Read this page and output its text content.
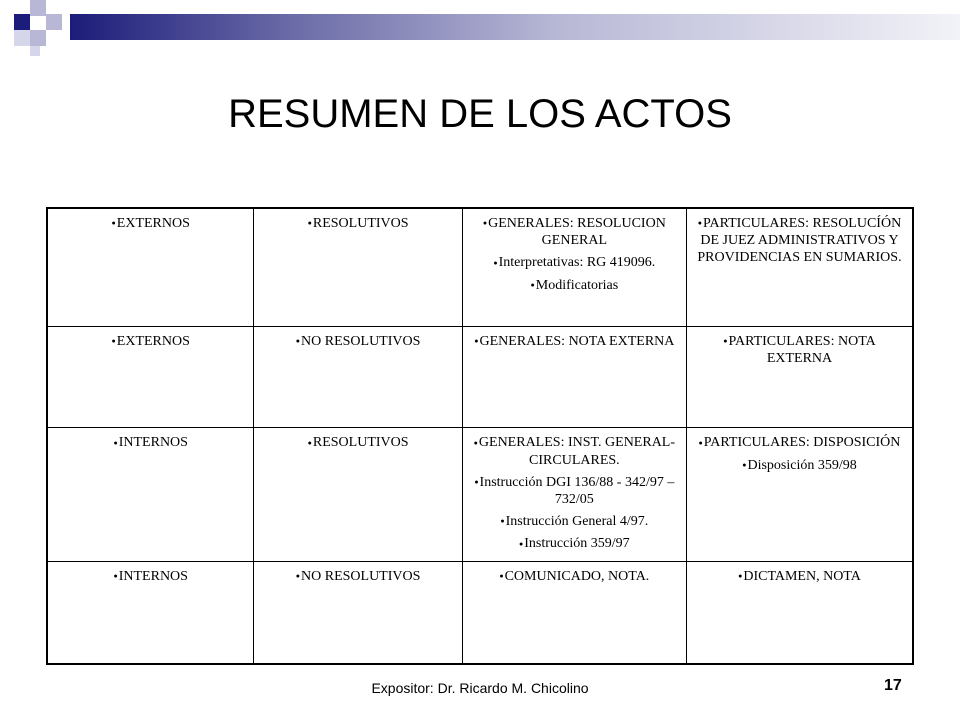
RESUMEN DE LOS ACTOS
●EXTERNOS	●RESOLUTIVOS	●GENERALES: RESOLUCION GENERAL
●Interpretativas: RG 419096.
●Modificatorias	●PARTICULARES: RESOLUCÍÓN DE JUEZ ADMINISTRATIVOS Y PROVIDENCIAS EN SUMARIOS.

●EXTERNOS	●NO RESOLUTIVOS	●GENERALES: NOTA EXTERNA	●PARTICULARES: NOTA EXTERNA

●INTERNOS	●RESOLUTIVOS	●GENERALES: INST. GENERAL- CIRCULARES.
●Instrucción DGI 136/88 - 342/97 – 732/05
●Instrucción General 4/97.
●Instrucción 359/97	●PARTICULARES: DISPOSICIÓN
●Disposición 359/98

●INTERNOS	●NO RESOLUTIVOS	●COMUNICADO, NOTA.	●DICTAMEN, NOTA
Expositor: Dr. Ricardo M. Chicolino	17
